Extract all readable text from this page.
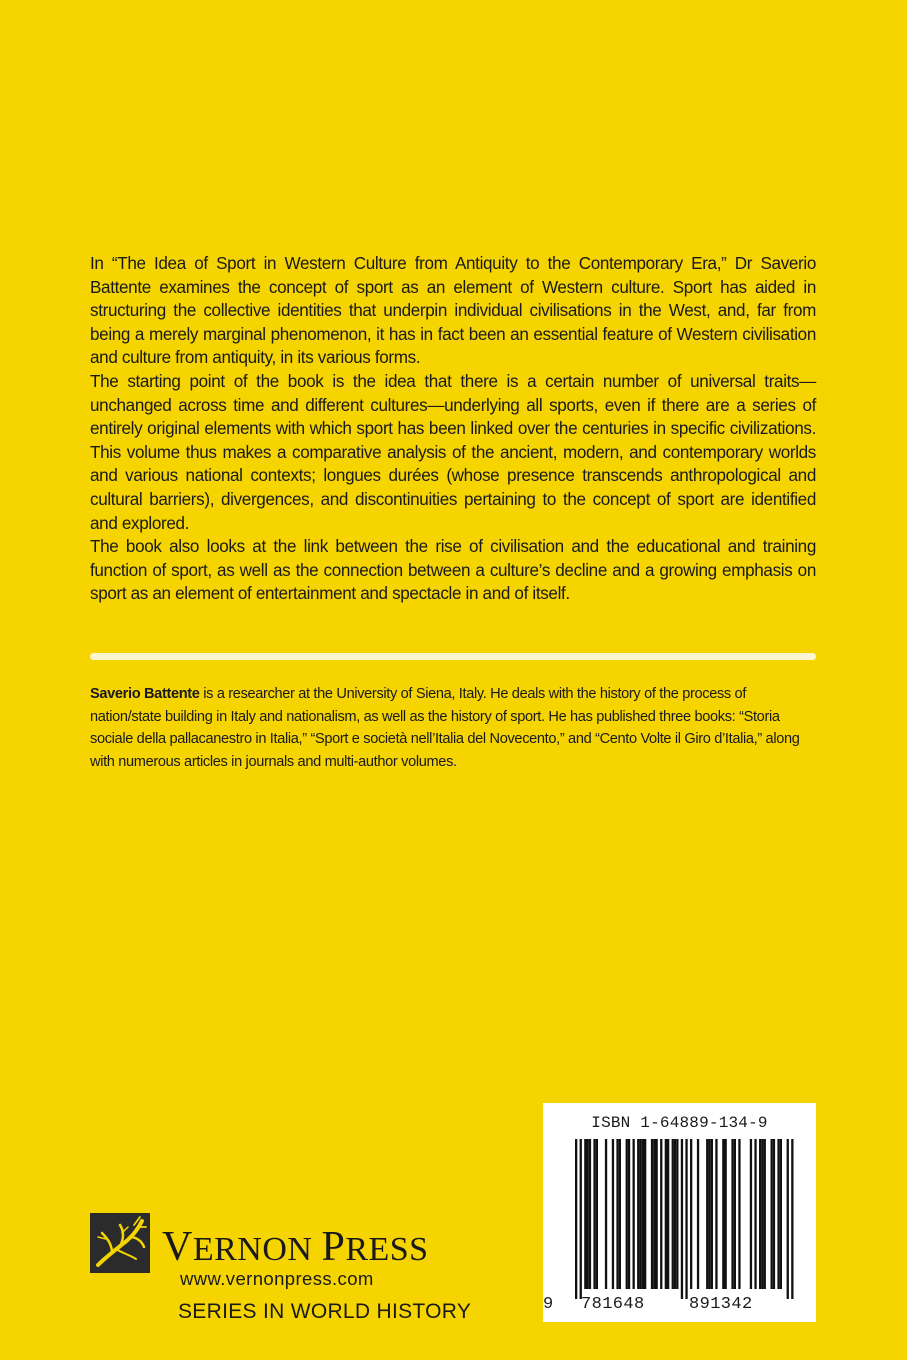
In “The Idea of Sport in Western Culture from Antiquity to the Contemporary Era,” Dr Saverio Battente examines the concept of sport as an element of Western culture. Sport has aided in structuring the collective identities that underpin individual civilisations in the West, and, far from being a merely marginal phenomenon, it has in fact been an essential feature of Western civilisation and culture from antiquity, in its various forms.

The starting point of the book is the idea that there is a certain number of universal traits—unchanged across time and different cultures—underlying all sports, even if there are a series of entirely original elements with which sport has been linked over the centuries in specific civilizations. This volume thus makes a comparative analysis of the ancient, modern, and contemporary worlds and various national contexts; longues durées (whose presence transcends anthropological and cultural barriers), divergences, and discontinuities pertaining to the concept of sport are identified and explored.

The book also looks at the link between the rise of civilisation and the educational and training function of sport, as well as the connection between a culture’s decline and a growing emphasis on sport as an element of entertainment and spectacle in and of itself.

Saverio Battente is a researcher at the University of Siena, Italy. He deals with the history of the process of nation/state building in Italy and nationalism, as well as the history of sport. He has published three books: “Storia sociale della pallacanestro in Italia,” “Sport e società nell’Italia del Novecento,” and “Cento Volte il Giro d’Italia,” along with numerous articles in journals and multi-author volumes.

VERNON PRESS
www.vernonpress.com
SERIES IN WORLD HISTORY
ISBN 1-64889-134-9
9 781648	891342
